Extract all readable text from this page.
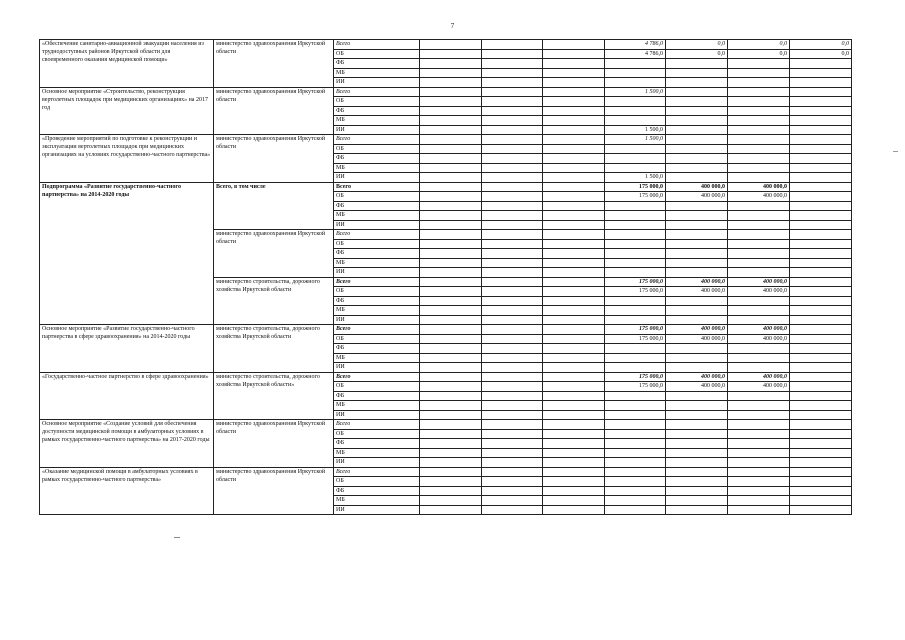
7
«Обеспечение санитарно-авиационной эвакуации населения из труднодоступных районов Иркутской области для своевременного оказания медицинской помощи»	министерство здравоохранения Иркутской области	Всего				4 786,0	0,0	0,0	0,0
		ОБ				4 786,0	0,0	0,0	0,0
		ФБ							
		МБ							
		ИИ							
Основное мероприятие «Строительство, реконструкция вертолетных площадок при медицинских организациях» на 2017 год	министерство здравоохранения Иркутской области	Всего				1 500,0			
		ОБ							
		ФБ							
		МБ							
		ИИ				1 500,0			
«Проведение мероприятий по подготовке к реконструкции и эксплуатации вертолетных площадок при медицинских организациях на условиях государственно-частного партнерства»	министерство здравоохранения Иркутской области	Всего				1 500,0			
		ОБ							
		ФБ							
		МБ							
		ИИ				1 500,0			
Подпрограмма «Развитие государственно-частного партнерства» на 2014-2020 годы	Всего, в том числе	Всего				175 000,0	400 000,0	400 000,0	
		ОБ				175 000,0	400 000,0	400 000,0	
		ФБ							
		МБ							
		ИИ							
	министерство здравоохранения Иркутской области	Всего							
		ОБ							
		ФБ							
		МБ							
		ИИ							
	министерство строительства, дорожного хозяйства Иркутской области	Всего				175 000,0	400 000,0	400 000,0	
		ОБ				175 000,0	400 000,0	400 000,0	
		ФБ							
		МБ							
		ИИ							
Основное мероприятие «Развитие государственно-частного партнерства в сфере здравоохранения» на 2014-2020 годы	министерство строительства, дорожного хозяйства Иркутской области	Всего				175 000,0	400 000,0	400 000,0	
		ОБ				175 000,0	400 000,0	400 000,0	
		ФБ							
		МБ							
		ИИ							
«Государственно-частное партнерство в сфере здравоохранения»	министерство строительства, дорожного хозяйства Иркутской области»	Всего				175 000,0	400 000,0	400 000,0	
		ОБ				175 000,0	400 000,0	400 000,0	
		ФБ							
		МБ							
		ИИ							
Основное мероприятие «Создание условий для обеспечения доступности медицинской помощи в амбулаторных условиях в рамках государственно-частного партнерства» на 2017-2020 годы	министерство здравоохранения Иркутской области	Всего							
		ОБ							
		ФБ							
		МБ							
		ИИ							
«Оказание медицинской помощи в амбулаторных условиях в рамках государственно-частного партнерства»	министерство здравоохранения Иркутской области	Всего							
		ОБ							
		ФБ							
		МБ							
		ИИ							
